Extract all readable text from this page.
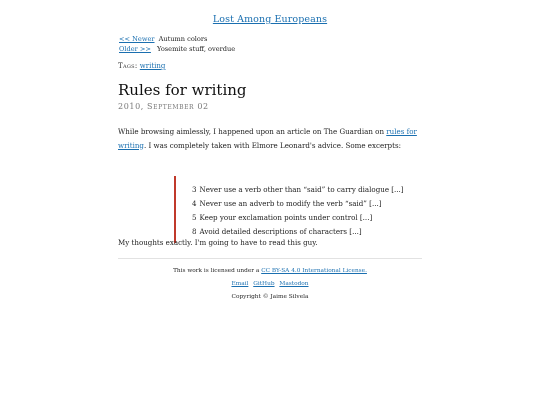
Lost Among Europeans
<< Newer Autumn colors
Older >> Yosemite stuff, overdue
Tags: writing
Rules for writing
2010, September 02

While browsing aimlessly, I happened upon an article on The Guardian on rules for writing. I was completely taken with Elmore Leonard's advice. Some excerpts:

3 Never use a verb other than “said” to carry dialogue [...]
4 Never use an adverb to modify the verb “said” [...]
5 Keep your exclamation points under control [...]
8 Avoid detailed descriptions of characters [...]

My thoughts exactly. I'm going to have to read this guy.

This work is licensed under a CC BY-SA 4.0 International License.
Email GitHub Mastodon
Copyright © Jaime Silvela
